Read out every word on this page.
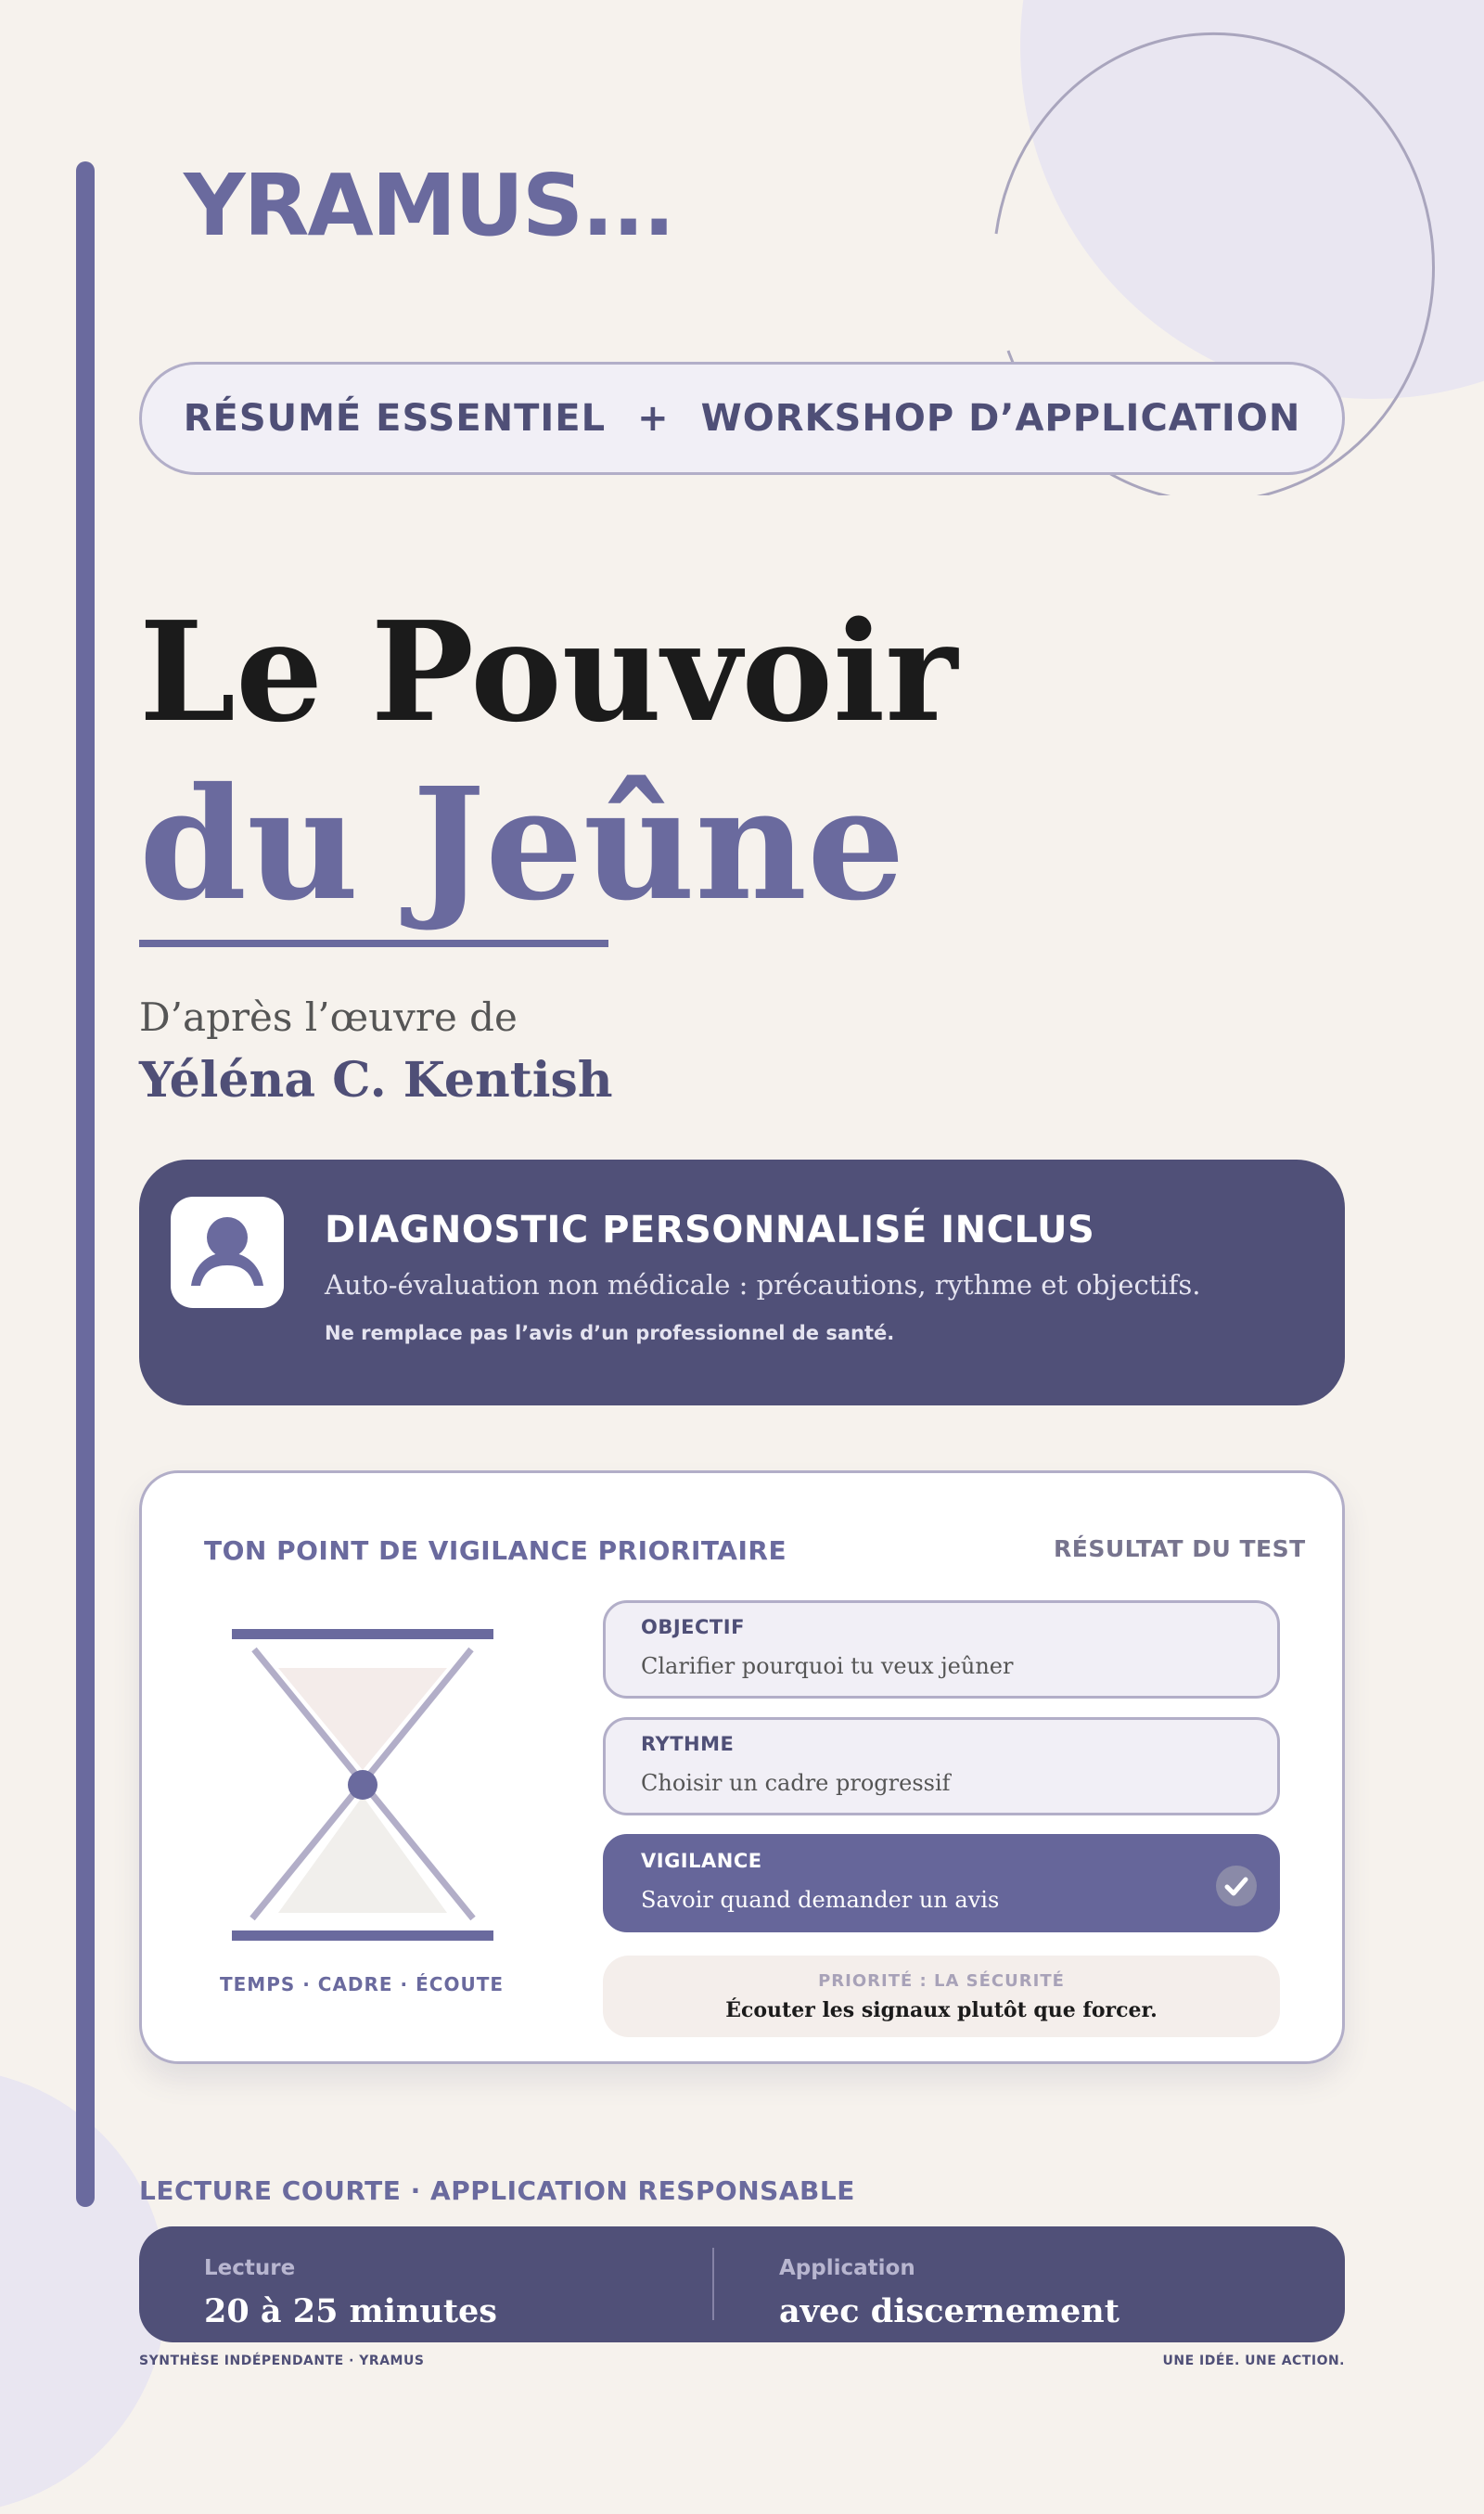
YRAMUS...
RÉSUMÉ ESSENTIEL + WORKSHOP D’APPLICATION
Le Pouvoir
du Jeûne
D’après l’œuvre de
Yéléna C. Kentish
DIAGNOSTIC PERSONNALISÉ INCLUS
Auto-évaluation non médicale : précautions, rythme et objectifs.
Ne remplace pas l’avis d’un professionnel de santé.
TON POINT DE VIGILANCE PRIORITAIRE	RÉSULTAT DU TEST
TEMPS · CADRE · ÉCOUTE
OBJECTIF
Clarifier pourquoi tu veux jeûner
RYTHME
Choisir un cadre progressif
VIGILANCE
Savoir quand demander un avis
PRIORITÉ : LA SÉCURITÉ
Écouter les signaux plutôt que forcer.
LECTURE COURTE · APPLICATION RESPONSABLE
Lecture
20 à 25 minutes
Application
avec discernement
SYNTHÈSE INDÉPENDANTE · YRAMUS	UNE IDÉE. UNE ACTION.
